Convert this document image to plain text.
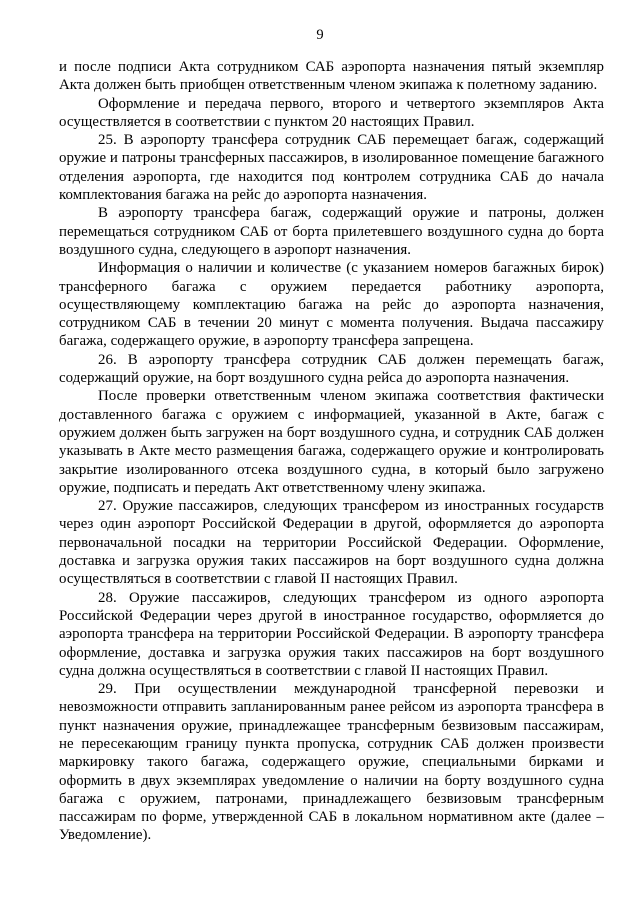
9

и после подписи Акта сотрудником САБ аэропорта назначения пятый экземпляр Акта должен быть приобщен ответственным членом экипажа к полетному заданию.

Оформление и передача первого, второго и четвертого экземпляров Акта осуществляется в соответствии с пунктом 20 настоящих Правил.

25. В аэропорту трансфера сотрудник САБ перемещает багаж, содержащий оружие и патроны трансферных пассажиров, в изолированное помещение багажного отделения аэропорта, где находится под контролем сотрудника САБ до начала комплектования багажа на рейс до аэропорта назначения.

В аэропорту трансфера багаж, содержащий оружие и патроны, должен перемещаться сотрудником САБ от борта прилетевшего воздушного судна до борта воздушного судна, следующего в аэропорт назначения.

Информация о наличии и количестве (с указанием номеров багажных бирок) трансферного багажа с оружием передается работнику аэропорта, осуществляющему комплектацию багажа на рейс до аэропорта назначения, сотрудником САБ в течении 20 минут с момента получения. Выдача пассажиру багажа, содержащего оружие, в аэропорту трансфера запрещена.

26. В аэропорту трансфера сотрудник САБ должен перемещать багаж, содержащий оружие, на борт воздушного судна рейса до аэропорта назначения.

После проверки ответственным членом экипажа соответствия фактически доставленного багажа с оружием с информацией, указанной в Акте, багаж с оружием должен быть загружен на борт воздушного судна, и сотрудник САБ должен указывать в Акте место размещения багажа, содержащего оружие и контролировать закрытие изолированного отсека воздушного судна, в который было загружено оружие, подписать и передать Акт ответственному члену экипажа.

27. Оружие пассажиров, следующих трансфером из иностранных государств через один аэропорт Российской Федерации в другой, оформляется до аэропорта первоначальной посадки на территории Российской Федерации. Оформление, доставка и загрузка оружия таких пассажиров на борт воздушного судна должна осуществляться в соответствии с главой II настоящих Правил.

28. Оружие пассажиров, следующих трансфером из одного аэропорта Российской Федерации через другой в иностранное государство, оформляется до аэропорта трансфера на территории Российской Федерации. В аэропорту трансфера оформление, доставка и загрузка оружия таких пассажиров на борт воздушного судна должна осуществляться в соответствии с главой II настоящих Правил.

29. При осуществлении международной трансферной перевозки и невозможности отправить запланированным ранее рейсом из аэропорта трансфера в пункт назначения оружие, принадлежащее трансферным безвизовым пассажирам, не пересекающим границу пункта пропуска, сотрудник САБ должен произвести маркировку такого багажа, содержащего оружие, специальными бирками и оформить в двух экземплярах уведомление о наличии на борту воздушного судна багажа с оружием, патронами, принадлежащего безвизовым трансферным пассажирам по форме, утвержденной САБ в локальном нормативном акте (далее – Уведомление).
